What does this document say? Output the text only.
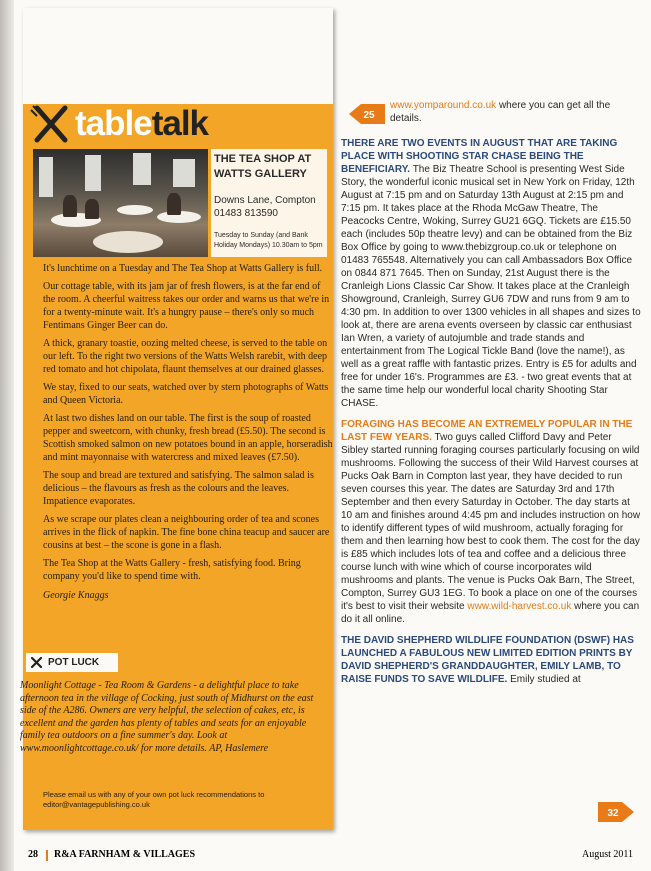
table talk
THE TEA SHOP AT WATTS GALLERY
Downs Lane, Compton
01483 813590
Tuesday to Sunday (and Bank Holiday Mondays) 10.30am to 5pm

It's lunchtime on a Tuesday and The Tea Shop at Watts Gallery is full.

Our cottage table, with its jam jar of fresh flowers, is at the far end of the room. A cheerful waitress takes our order and warns us that we're in for a twenty-minute wait. It's a hungry pause – there's only so much Fentimans Ginger Beer can do.

A thick, granary toastie, oozing melted cheese, is served to the table on our left. To the right two versions of the Watts Welsh rarebit, with deep red tomato and hot chipolata, flaunt themselves at our drained glasses.

We stay, fixed to our seats, watched over by stern photographs of Watts and Queen Victoria.

At last two dishes land on our table. The first is the soup of roasted pepper and sweetcorn, with chunky, fresh bread (£5.50). The second is Scottish smoked salmon on new potatoes bound in an apple, horseradish and mint mayonnaise with watercress and mixed leaves (£7.50).

The soup and bread are textured and satisfying. The salmon salad is delicious – the flavours as fresh as the colours and the leaves. Impatience evaporates.

As we scrape our plates clean a neighbouring order of tea and scones arrives in the flick of napkin. The fine bone china teacup and saucer are cousins at best – the scone is gone in a flash.

The Tea Shop at the Watts Gallery - fresh, satisfying food. Bring company you'd like to spend time with.

Georgie Knaggs
POT LUCK
Moonlight Cottage - Tea Room & Gardens - a delightful place to take afternoon tea in the village of Cocking, just south of Midhurst on the east side of the A286. Owners are very helpful, the selection of cakes, etc, is excellent and the garden has plenty of tables and seats for an enjoyable family tea outdoors on a fine summer's day. Look at www.moonlightcottage.co.uk/ for more details. AP, Haslemere
Please email us with any of your own pot luck recommendations to editor@vantagepublishing.co.uk
25
www.yomparound.co.uk where you can get all the details.

THERE ARE TWO EVENTS IN AUGUST THAT ARE TAKING PLACE WITH SHOOTING STAR CHASE BEING THE BENEFICIARY. The Biz Theatre School is presenting West Side Story, the wonderful iconic musical set in New York on Friday, 12th August at 7:15 pm and on Saturday 13th August at 2:15 pm and 7:15 pm. It takes place at the Rhoda McGaw Theatre, The Peacocks Centre, Woking, Surrey GU21 6GQ. Tickets are £15.50 each (includes 50p theatre levy) and can be obtained from the Biz Box Office by going to www.thebizgroup.co.uk or telephone on 01483 765548. Alternatively you can call Ambassadors Box Office on 0844 871 7645. Then on Sunday, 21st August there is the Cranleigh Lions Classic Car Show. It takes place at the Cranleigh Showground, Cranleigh, Surrey GU6 7DW and runs from 9 am to 4:30 pm. In addition to over 1300 vehicles in all shapes and sizes to look at, there are arena events overseen by classic car enthusiast Ian Wren, a variety of autojumble and trade stands and entertainment from The Logical Tickle Band (love the name!), as well as a great raffle with fantastic prizes. Entry is £5 for adults and free for under 16's. Programmes are £3. - two great events that at the same time help our wonderful local charity Shooting Star CHASE.

FORAGING HAS BECOME AN EXTREMELY POPULAR IN THE LAST FEW YEARS. Two guys called Clifford Davy and Peter Sibley started running foraging courses particularly focusing on wild mushrooms. Following the success of their Wild Harvest courses at Pucks Oak Barn in Compton last year, they have decided to run seven courses this year. The dates are Saturday 3rd and 17th September and then every Saturday in October. The day starts at 10 am and finishes around 4:45 pm and includes instruction on how to identify different types of wild mushroom, actually foraging for them and then learning how best to cook them. The cost for the day is £85 which includes lots of tea and coffee and a delicious three course lunch with wine which of course incorporates wild mushrooms and plants. The venue is Pucks Oak Barn, The Street, Compton, Surrey GU3 1EG. To book a place on one of the courses it's best to visit their website www.wild-harvest.co.uk where you can do it all online.

THE DAVID SHEPHERD WILDLIFE FOUNDATION (DSWF) HAS LAUNCHED A FABULOUS NEW LIMITED EDITION PRINTS BY DAVID SHEPHERD'S GRANDDAUGHTER, EMILY LAMB, TO RAISE FUNDS TO SAVE WILDLIFE. Emily studied at

32
28 R&A FARNHAM & VILLAGES	August 2011
